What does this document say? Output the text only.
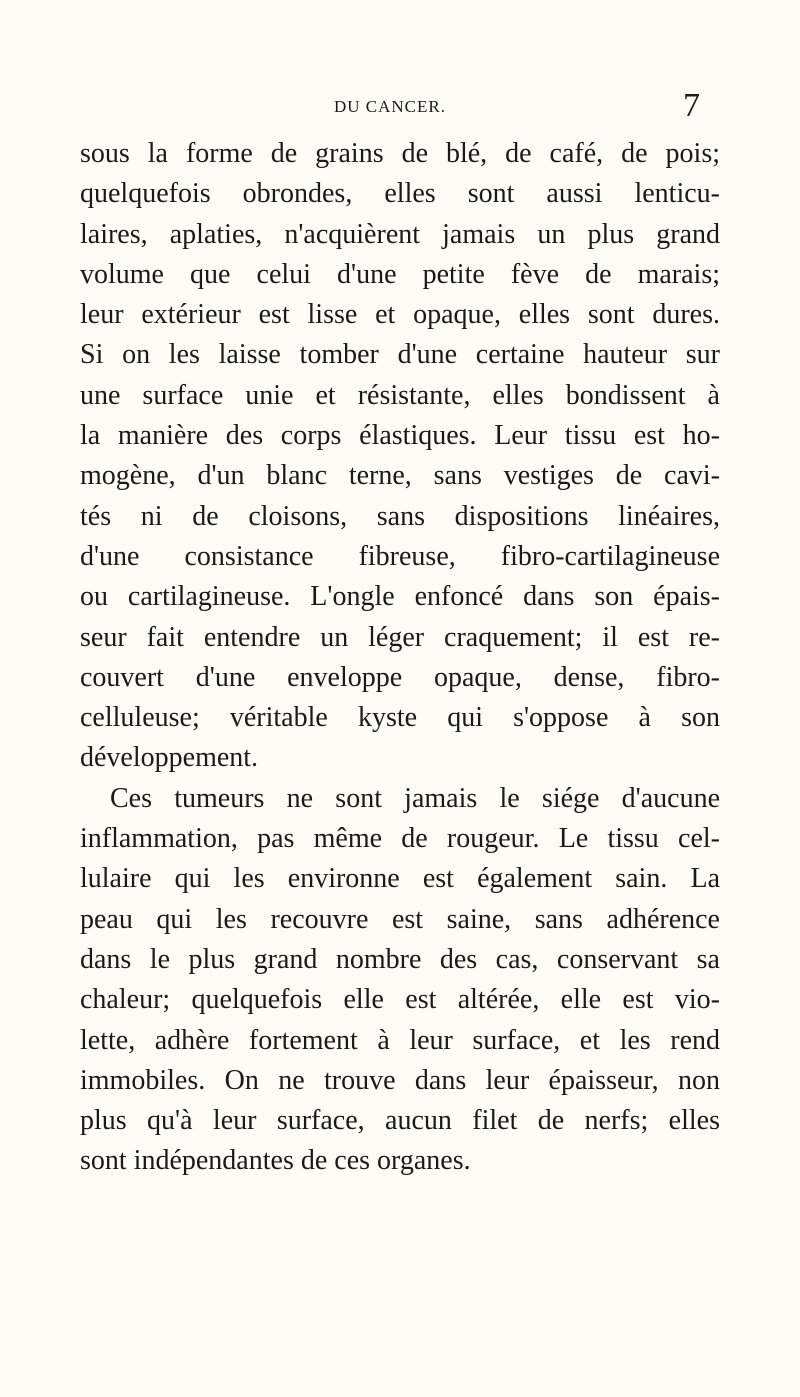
DU CANCER.	7
sous la forme de grains de blé, de café, de pois;
quelquefois obrondes, elles sont aussi lenticu-
laires, aplaties, n'acquièrent jamais un plus grand
volume que celui d'une petite fève de marais;
leur extérieur est lisse et opaque, elles sont dures.
Si on les laisse tomber d'une certaine hauteur sur
une surface unie et résistante, elles bondissent à
la manière des corps élastiques. Leur tissu est ho-
mogène, d'un blanc terne, sans vestiges de cavi-
tés ni de cloisons, sans dispositions linéaires,
d'une consistance fibreuse, fibro-cartilagineuse
ou cartilagineuse. L'ongle enfoncé dans son épais-
seur fait entendre un léger craquement; il est re-
couvert d'une enveloppe opaque, dense, fibro-
celluleuse; véritable kyste qui s'oppose à son
développement.
Ces tumeurs ne sont jamais le siége d'aucune
inflammation, pas même de rougeur. Le tissu cel-
lulaire qui les environne est également sain. La
peau qui les recouvre est saine, sans adhérence
dans le plus grand nombre des cas, conservant sa
chaleur; quelquefois elle est altérée, elle est vio-
lette, adhère fortement à leur surface, et les rend
immobiles. On ne trouve dans leur épaisseur, non
plus qu'à leur surface, aucun filet de nerfs; elles
sont indépendantes de ces organes.
